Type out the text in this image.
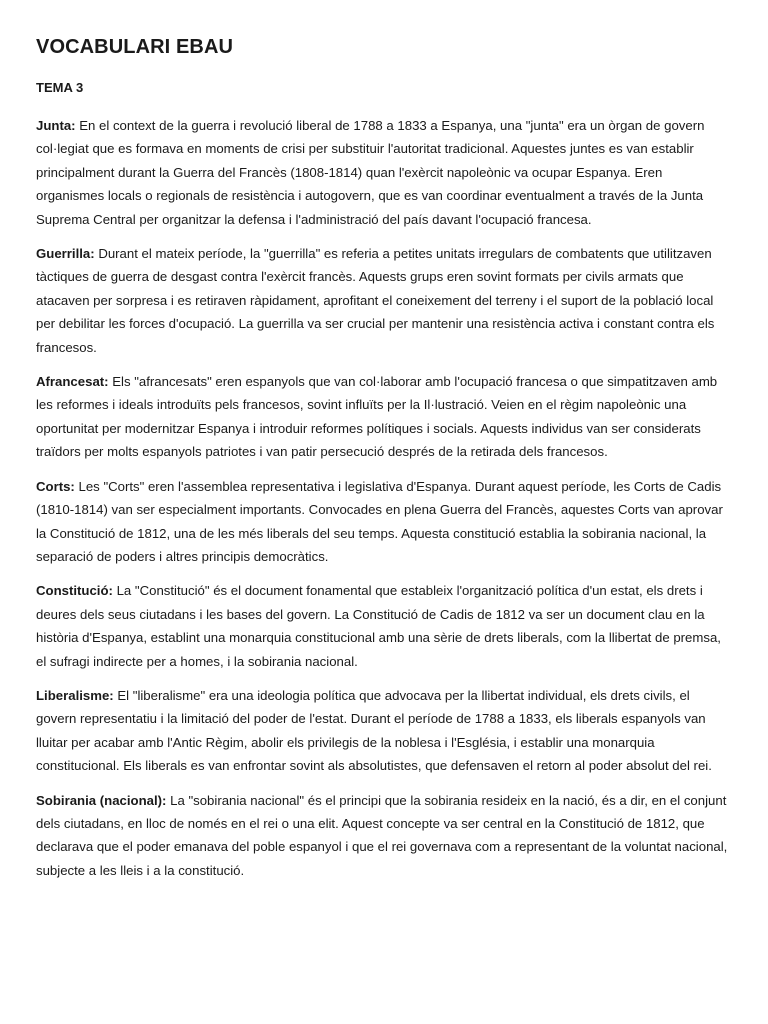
VOCABULARI EBAU
TEMA 3

Junta: En el context de la guerra i revolució liberal de 1788 a 1833 a Espanya, una "junta" era un òrgan de govern col·legiat que es formava en moments de crisi per substituir l'autoritat tradicional. Aquestes juntes es van establir principalment durant la Guerra del Francès (1808-1814) quan l'exèrcit napoleònic va ocupar Espanya. Eren organismes locals o regionals de resistència i autogovern, que es van coordinar eventualment a través de la Junta Suprema Central per organitzar la defensa i l'administració del país davant l'ocupació francesa.

Guerrilla: Durant el mateix període, la "guerrilla" es referia a petites unitats irregulars de combatents que utilitzaven tàctiques de guerra de desgast contra l'exèrcit francès. Aquests grups eren sovint formats per civils armats que atacaven per sorpresa i es retiraven ràpidament, aprofitant el coneixement del terreny i el suport de la població local per debilitar les forces d'ocupació. La guerrilla va ser crucial per mantenir una resistència activa i constant contra els francesos.

Afrancesat: Els "afrancesats" eren espanyols que van col·laborar amb l'ocupació francesa o que simpatitzaven amb les reformes i ideals introduïts pels francesos, sovint influïts per la Il·lustració. Veien en el règim napoleònic una oportunitat per modernitzar Espanya i introduir reformes polítiques i socials. Aquests individus van ser considerats traïdors per molts espanyols patriotes i van patir persecució després de la retirada dels francesos.

Corts: Les "Corts" eren l'assemblea representativa i legislativa d'Espanya. Durant aquest període, les Corts de Cadis (1810-1814) van ser especialment importants. Convocades en plena Guerra del Francès, aquestes Corts van aprovar la Constitució de 1812, una de les més liberals del seu temps. Aquesta constitució establia la sobirania nacional, la separació de poders i altres principis democràtics.

Constitució: La "Constitució" és el document fonamental que estableix l'organització política d'un estat, els drets i deures dels seus ciutadans i les bases del govern. La Constitució de Cadis de 1812 va ser un document clau en la història d'Espanya, establint una monarquia constitucional amb una sèrie de drets liberals, com la llibertat de premsa, el sufragi indirecte per a homes, i la sobirania nacional.

Liberalisme: El "liberalisme" era una ideologia política que advocava per la llibertat individual, els drets civils, el govern representatiu i la limitació del poder de l'estat. Durant el període de 1788 a 1833, els liberals espanyols van lluitar per acabar amb l'Antic Règim, abolir els privilegis de la noblesa i l'Església, i establir una monarquia constitucional. Els liberals es van enfrontar sovint als absolutistes, que defensaven el retorn al poder absolut del rei.

Sobirania (nacional): La "sobirania nacional" és el principi que la sobirania resideix en la nació, és a dir, en el conjunt dels ciutadans, en lloc de només en el rei o una elit. Aquest concepte va ser central en la Constitució de 1812, que declarava que el poder emanava del poble espanyol i que el rei governava com a representant de la voluntat nacional, subjecte a les lleis i a la constitució.
